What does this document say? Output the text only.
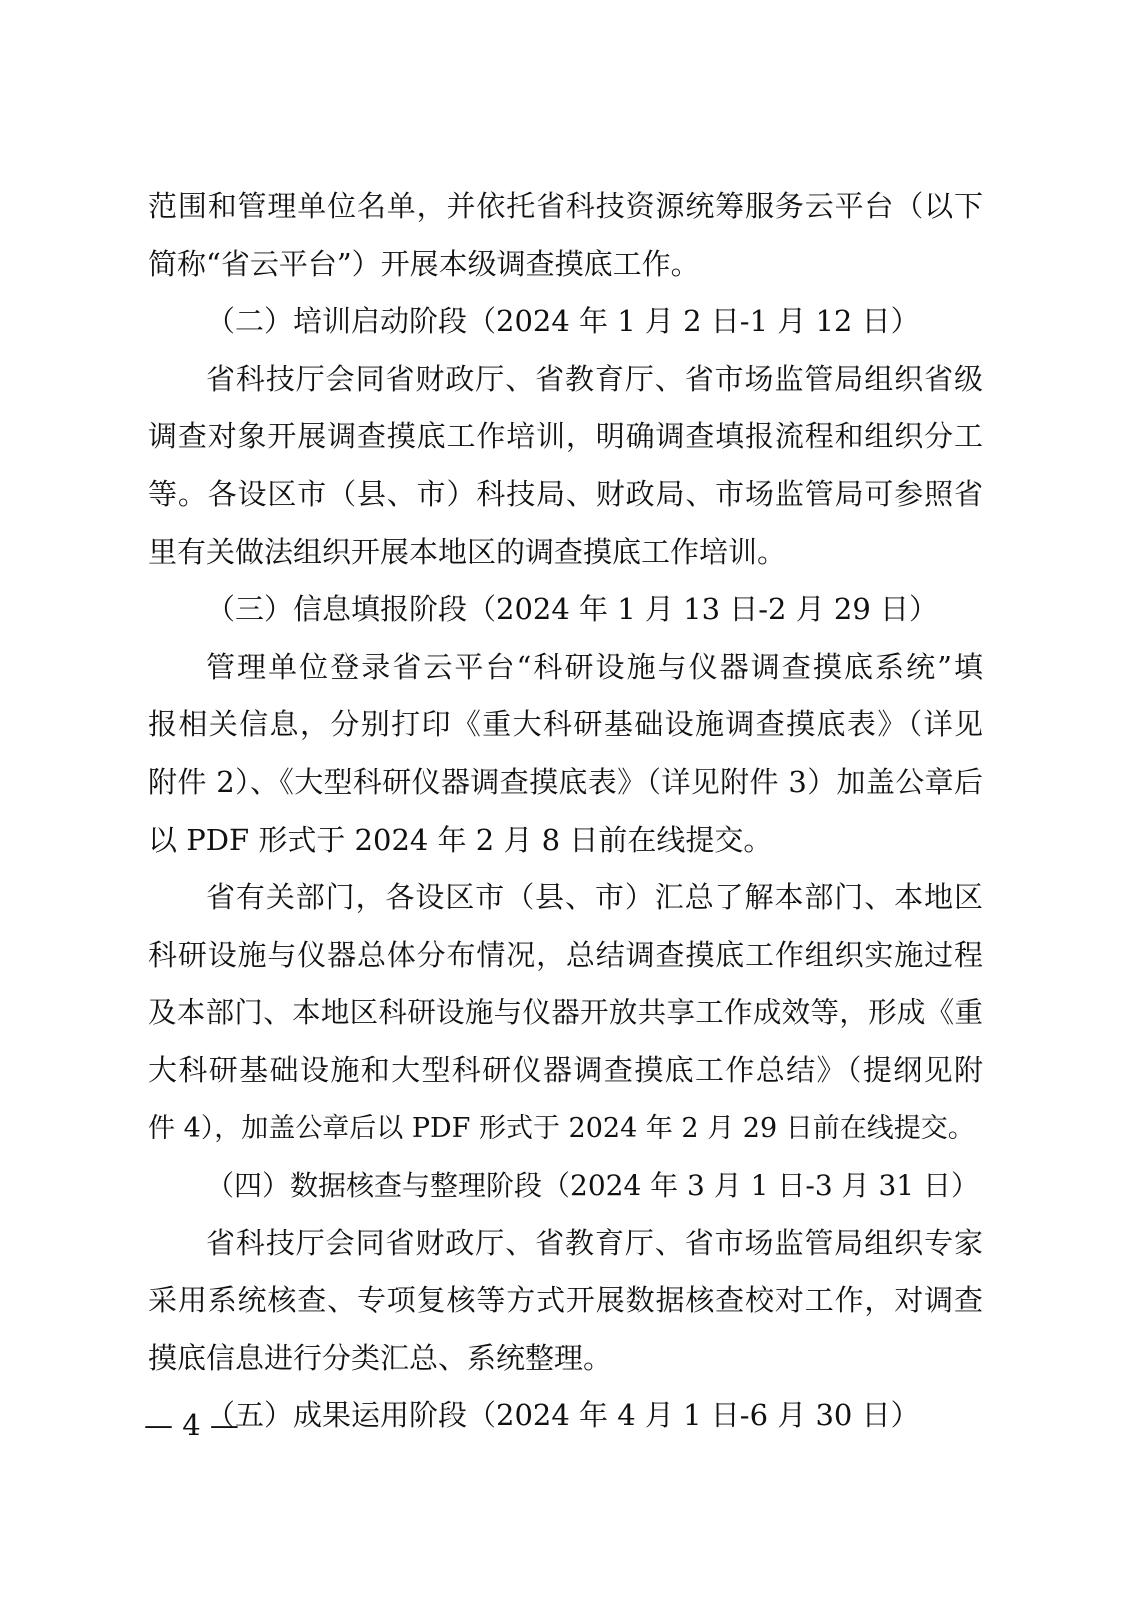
范围和管理单位名单，并依托省科技资源统筹服务云平台（以下
简称“省云平台”）开展本级调查摸底工作。
（二）培训启动阶段（2024 年 1 月 2 日-1 月 12 日）
省科技厅会同省财政厅、省教育厅、省市场监管局组织省级
调查对象开展调查摸底工作培训，明确调查填报流程和组织分工
等。各设区市（县、市）科技局、财政局、市场监管局可参照省
里有关做法组织开展本地区的调查摸底工作培训。
（三）信息填报阶段（2024 年 1 月 13 日-2 月 29 日）
管理单位登录省云平台“科研设施与仪器调查摸底系统”填
报相关信息，分别打印《重大科研基础设施调查摸底表》（详见
附件 2）、《大型科研仪器调查摸底表》（详见附件 3）加盖公章后
以 PDF 形式于 2024 年 2 月 8 日前在线提交。
省有关部门，各设区市（县、市）汇总了解本部门、本地区
科研设施与仪器总体分布情况，总结调查摸底工作组织实施过程
及本部门、本地区科研设施与仪器开放共享工作成效等，形成《重
大科研基础设施和大型科研仪器调查摸底工作总结》（提纲见附
件 4），加盖公章后以 PDF 形式于 2024 年 2 月 29 日前在线提交。
（四）数据核查与整理阶段（2024 年 3 月 1 日-3 月 31 日）
省科技厅会同省财政厅、省教育厅、省市场监管局组织专家
采用系统核查、专项复核等方式开展数据核查校对工作，对调查
摸底信息进行分类汇总、系统整理。
（五）成果运用阶段（2024 年 4 月 1 日-6 月 30 日）
— 4 —
